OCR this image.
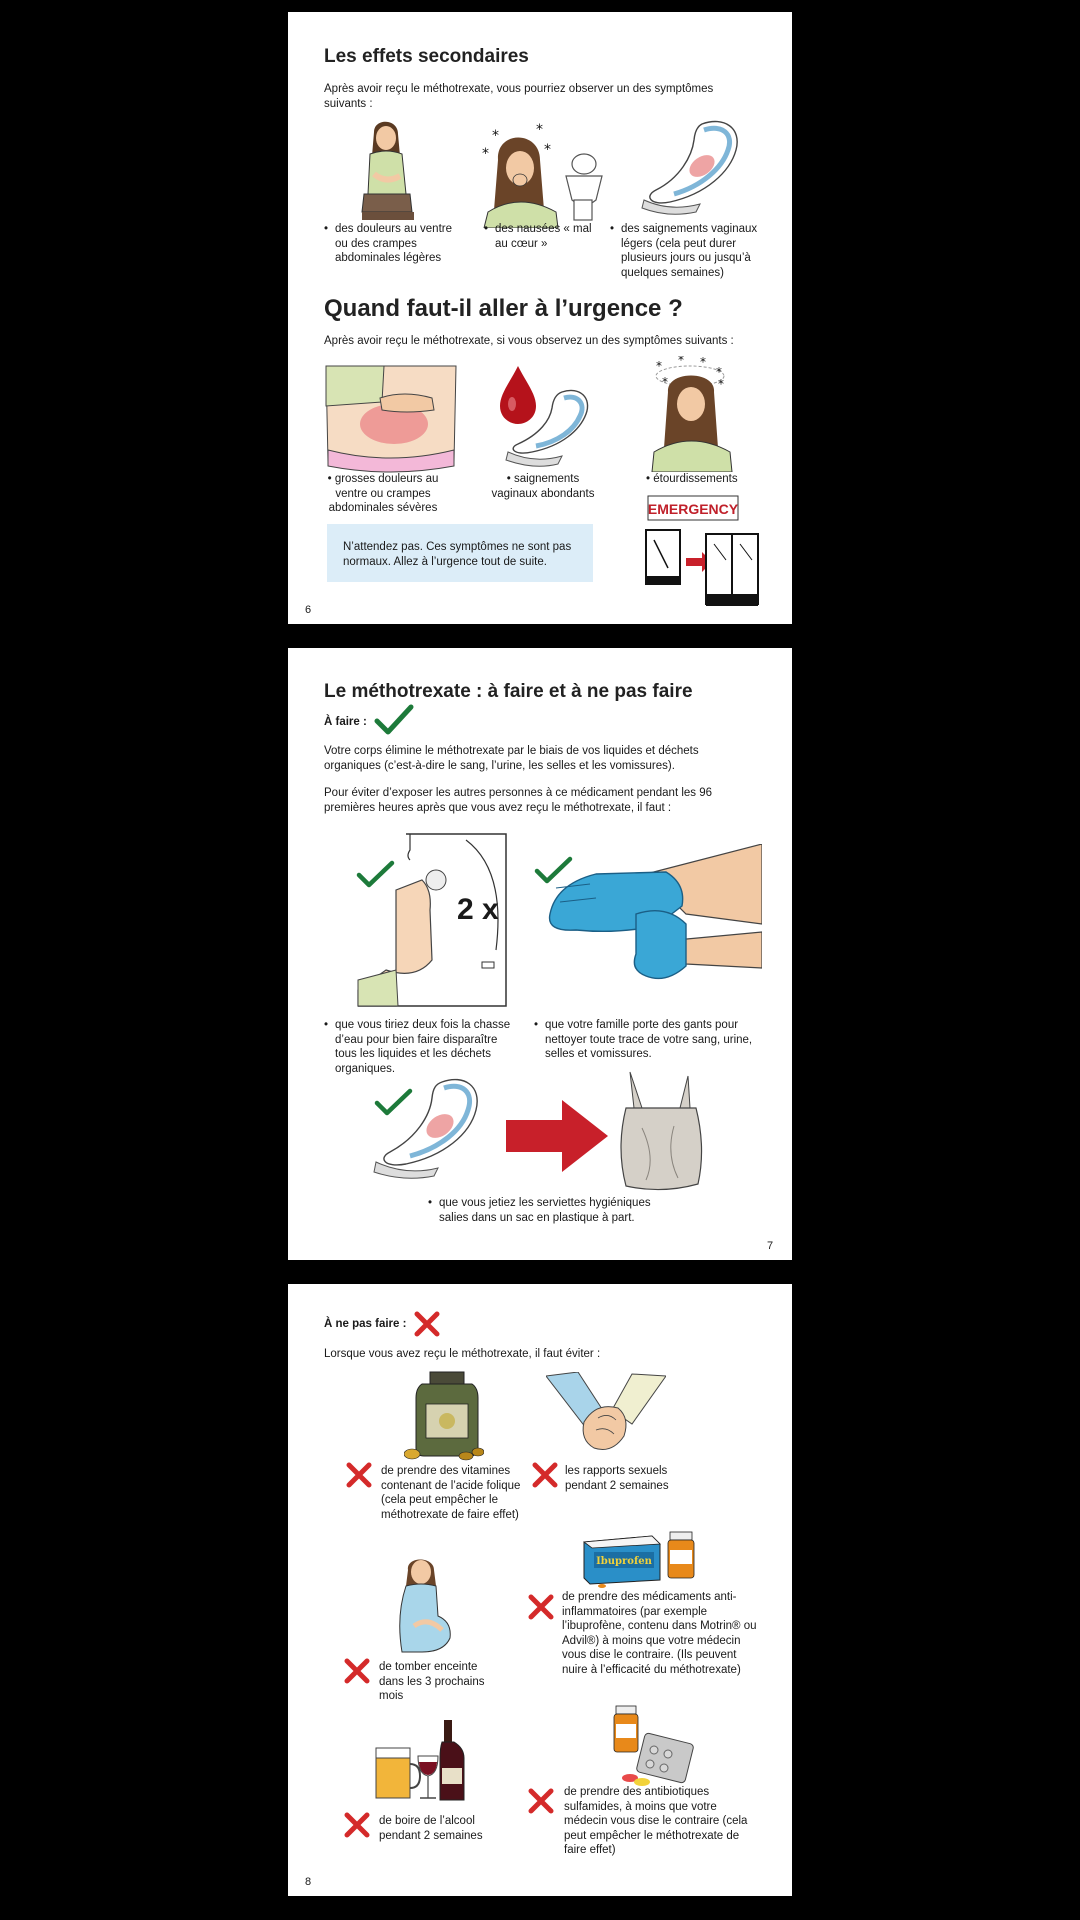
Les effets secondaires
Après avoir reçu le méthotrexate, vous pourriez observer un des symptômes suivants :
*
*
*
*
• des douleurs au ventre ou des crampes abdominales légères
• des nausées « mal au cœur »
• des saignements vaginaux légers (cela peut durer plusieurs jours ou jusqu’à quelques semaines)
Quand faut-il aller à l’urgence ?
Après avoir reçu le méthotrexate, si vous observez un des symptômes suivants :
* * *
*
*	*
• grosses douleurs au ventre ou crampes abdominales sévères
• saignements vaginaux abondants
• étourdissements
N’attendez pas. Ces symptômes ne sont pas normaux. Allez à l’urgence tout de suite.
EMERGENCY
6
Le méthotrexate : à faire et à ne pas faire
À faire :
Votre corps élimine le méthotrexate par le biais de vos liquides et déchets organiques (c’est-à-dire le sang, l’urine, les selles et les vomissures).
Pour éviter d’exposer les autres personnes à ce médicament pendant les 96 premières heures après que vous avez reçu le méthotrexate, il faut :
2 x
• que vous tiriez deux fois la chasse d’eau pour bien faire disparaître tous les liquides et les déchets organiques.
• que votre famille porte des gants pour nettoyer toute trace de votre sang, urine, selles et vomissures.
• que vous jetiez les serviettes hygiéniques salies dans un sac en plastique à part.
7
À ne pas faire :
Lorsque vous avez reçu le méthotrexate, il faut éviter :
de prendre des vitamines contenant de l’acide folique (cela peut empêcher le méthotrexate de faire effet)
les rapports sexuels pendant 2 semaines
Ibuprofen
de prendre des médicaments anti-inflammatoires (par exemple l’ibuprofène, contenu dans Motrin® ou Advil®) à moins que votre médecin vous dise le contraire. (Ils peuvent nuire à l’efficacité du méthotrexate)
de tomber enceinte dans les 3 prochains mois
de prendre des antibiotiques sulfamides, à moins que votre médecin vous dise le contraire (cela peut empêcher le méthotrexate de faire effet)
de boire de l’alcool pendant 2 semaines
8
